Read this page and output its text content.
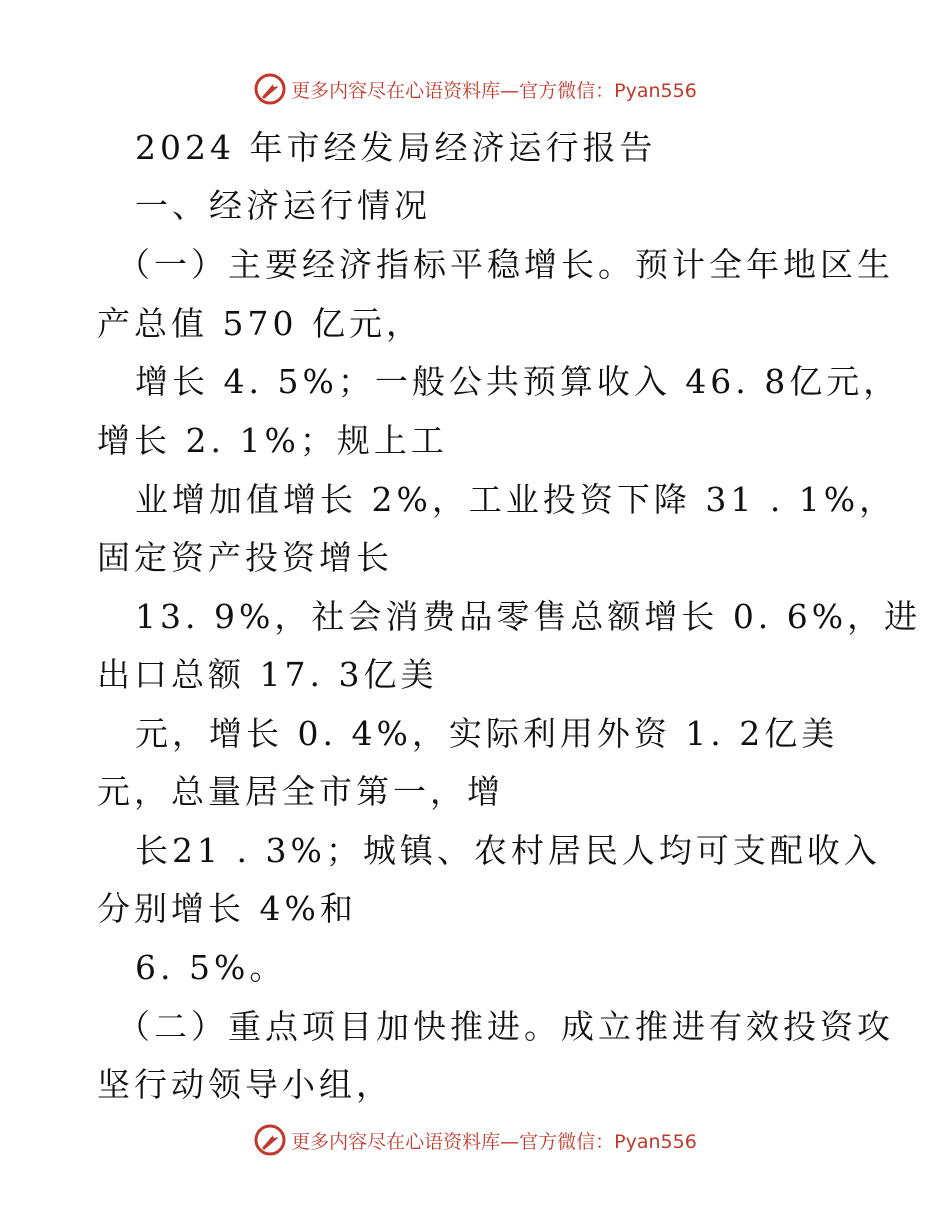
更多内容尽在心语资料库—官方微信：Pyan556
2024 年市经发局经济运行报告
一、经济运行情况
（一）主要经济指标平稳增长。预计全年地区生
产总值 570 亿元，
增长 4. 5%；一般公共预算收入 46. 8亿元，
增长 2. 1%；规上工
业增加值增长 2%，工业投资下降 31 . 1%，
固定资产投资增长
13. 9%，社会消费品零售总额增长 0. 6%，进
出口总额 17. 3亿美
元，增长 0. 4%，实际利用外资 1. 2亿美
元，总量居全市第一，增
长21 . 3%；城镇、农村居民人均可支配收入
分别增长 4%和
6. 5%。
（二）重点项目加快推进。成立推进有效投资攻
坚行动领导小组，
更多内容尽在心语资料库—官方微信：Pyan556
